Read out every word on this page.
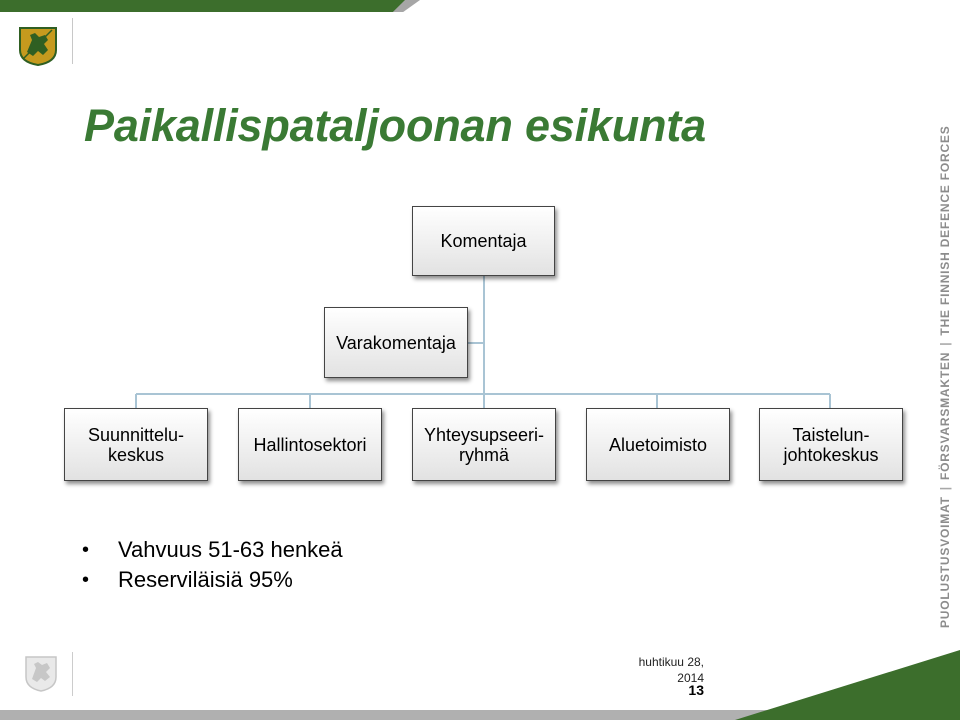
Paikallispataljoonan esikunta
Komentaja
Varakomentaja
Suunnittelu-
keskus	Hallintosektori	Yhteysupseeri-
ryhmä	Aluetoimisto	Taistelun-
johtokeskus
• Vahvuus 51-63 henkeä
• Reserviläisiä 95%	PUOLUSTUSVOIMAT|FÖRSVARSMAKTEN|THE FINNISH DEFENCE FORCES
huhtikuu 28, 2014
13
